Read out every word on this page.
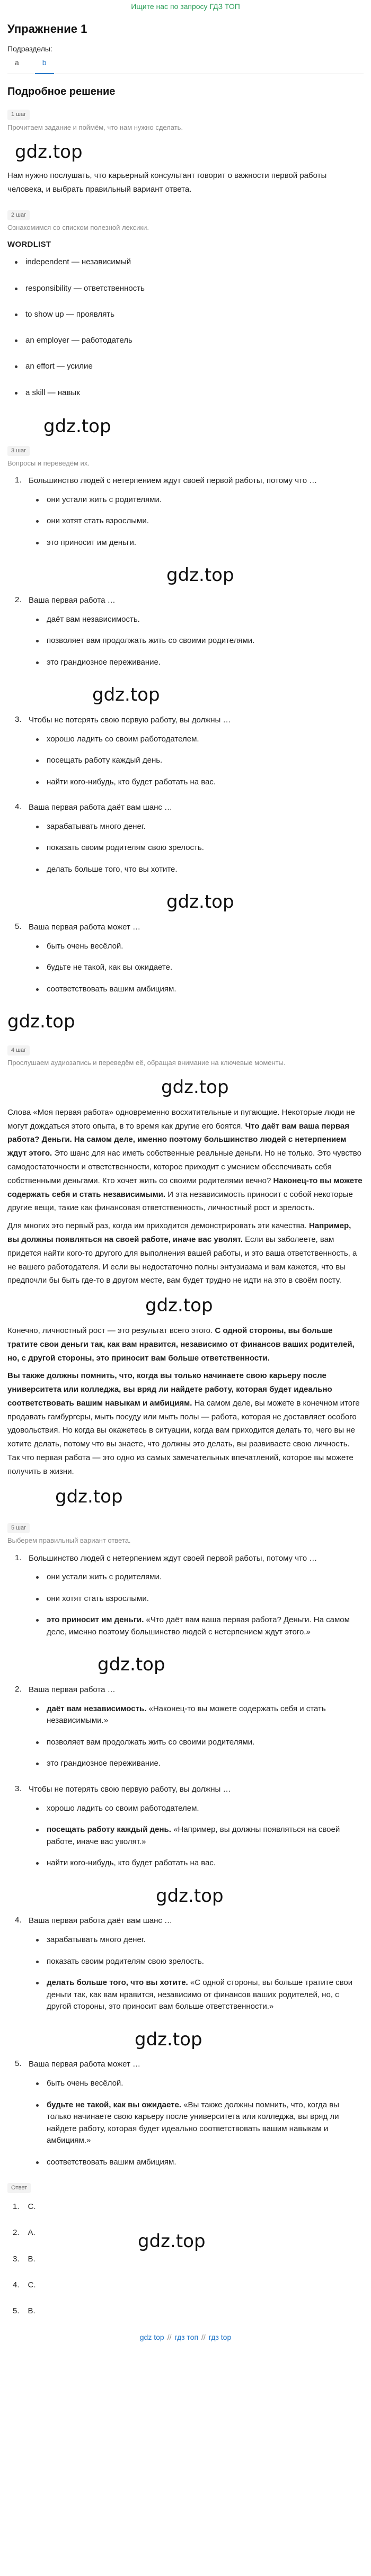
Ищите нас по запросу ГДЗ ТОП
Упражнение 1
Подразделы:
a	b
Подробное решение
1 шаг
Прочитаем задание и поймём, что нам нужно сделать.
gdz.top
Нам нужно послушать, что карьерный консультант говорит о важности первой работы человека, и выбрать правильный вариант ответа.
2 шаг
Ознакомимся со списком полезной лексики.
WORDLIST
independent — независимый
responsibility — ответственность
to show up — проявлять
an employer — работодатель
an effort — усилие
a skill — навык
gdz.top
3 шаг
Вопросы и переведём их.
1. Большинство людей с нетерпением ждут своей первой работы, потому что …
они устали жить с родителями.
они хотят стать взрослыми.
это приносит им деньги.
gdz.top
2. Ваша первая работа …
даёт вам независимость.
позволяет вам продолжать жить со своими родителями.
это грандиозное переживание.
gdz.top
3. Чтобы не потерять свою первую работу, вы должны …
хорошо ладить со своим работодателем.
посещать работу каждый день.
найти кого-нибудь, кто будет работать на вас.
4. Ваша первая работа даёт вам шанс …
зарабатывать много денег.
показать своим родителям свою зрелость.
делать больше того, что вы хотите.
gdz.top
5. Ваша первая работа может …
быть очень весёлой.
будьте не такой, как вы ожидаете.
соответствовать вашим амбициям.
gdz.top
4 шаг
Прослушаем аудиозапись и переведём её, обращая внимание на ключевые моменты.
gdz.top
Слова «Моя первая работа» одновременно восхитительные и пугающие. Некоторые люди не могут дождаться этого опыта, в то время как другие его боятся. Что даёт вам ваша первая работа? Деньги. На самом деле, именно поэтому большинство людей с нетерпением ждут этого. Это шанс для нас иметь собственные реальные деньги. Но не только. Это чувство самодостаточности и ответственности, которое приходит с умением обеспечивать себя собственными деньгами. Кто хочет жить со своими родителями вечно? Наконец-то вы можете содержать себя и стать независимыми. И эта независимость приносит с собой некоторые другие вещи, такие как финансовая ответственность, личностный рост и зрелость.
Для многих это первый раз, когда им приходится демонстрировать эти качества. Например, вы должны появляться на своей работе, иначе вас уволят. Если вы заболеете, вам придется найти кого-то другого для выполнения вашей работы, и это ваша ответственность, а не вашего работодателя. И если вы недостаточно полны энтузиазма и вам кажется, что вы предпочли бы быть где-то в другом месте, вам будет трудно не идти на это в своём посту.
gdz.top
Конечно, личностный рост — это результат всего этого. С одной стороны, вы больше тратите свои деньги так, как вам нравится, независимо от финансов ваших родителей, но, с другой стороны, это приносит вам больше ответственности.
Вы также должны помнить, что, когда вы только начинаете свою карьеру после университета или колледжа, вы вряд ли найдете работу, которая будет идеально соответствовать вашим навыкам и амбициям. На самом деле, вы можете в конечном итоге продавать гамбургеры, мыть посуду или мыть полы — работа, которая не доставляет особого удовольствия. Но когда вы окажетесь в ситуации, когда вам приходится делать то, чего вы не хотите делать, потому что вы знаете, что должны это делать, вы развиваете свою личность. Так что первая работа — это одно из самых замечательных впечатлений, которое вы можете получить в жизни.
gdz.top
5 шаг
Выберем правильный вариант ответа.
1. Большинство людей с нетерпением ждут своей первой работы, потому что …
они устали жить с родителями.
они хотят стать взрослыми.
это приносит им деньги. «Что даёт вам ваша первая работа? Деньги. На самом деле, именно поэтому большинство людей с нетерпением ждут этого.»
gdz.top
2. Ваша первая работа …
даёт вам независимость. «Наконец-то вы можете содержать себя и стать независимыми.»
позволяет вам продолжать жить со своими родителями.
это грандиозное переживание.
3. Чтобы не потерять свою первую работу, вы должны …
хорошо ладить со своим работодателем.
посещать работу каждый день. «Например, вы должны появляться на своей работе, иначе вас уволят.»
найти кого-нибудь, кто будет работать на вас.
gdz.top
4. Ваша первая работа даёт вам шанс …
зарабатывать много денег.
показать своим родителям свою зрелость.
делать больше того, что вы хотите. «С одной стороны, вы больше тратите свои деньги так, как вам нравится, независимо от финансов ваших родителей, но, с другой стороны, это приносит вам больше ответственности.»
gdz.top
5. Ваша первая работа может …
быть очень весёлой.
будьте не такой, как вы ожидаете. «Вы также должны помнить, что, когда вы только начинаете свою карьеру после университета или колледжа, вы вряд ли найдете работу, которая будет идеально соответствовать вашим навыкам и амбициям.»
соответствовать вашим амбициям.
Ответ
1. C.
2. A.	gdz.top
3. B.
4. C.
5. B.
gdz top // гдз топ // гдз top
